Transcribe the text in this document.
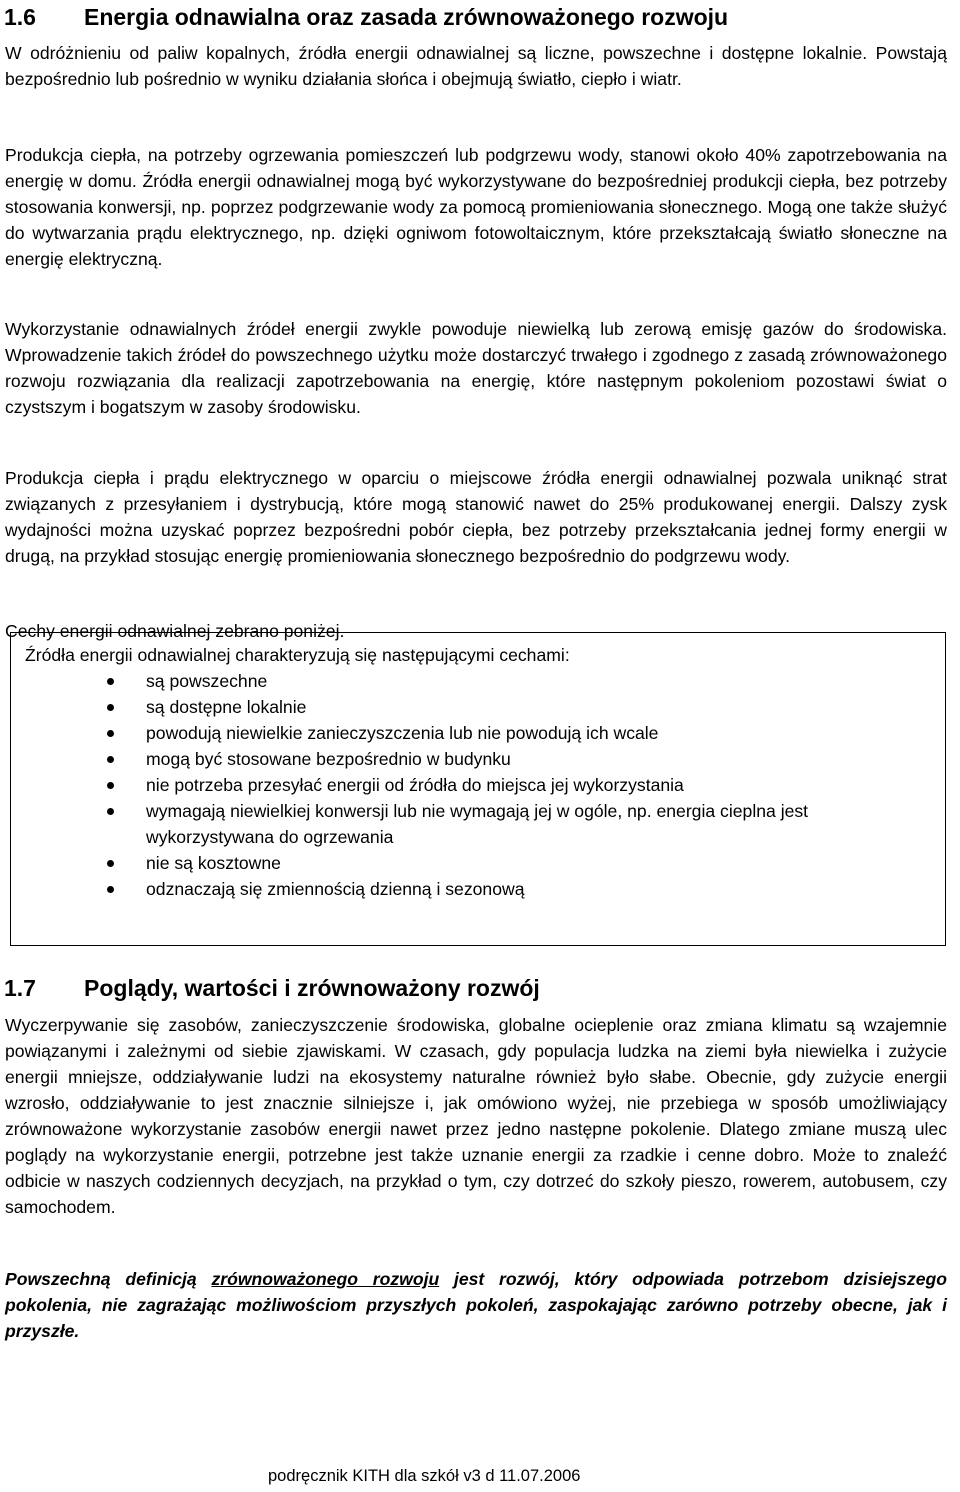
1.6 Energia odnawialna oraz zasada zrównoważonego rozwoju

W odróżnieniu od paliw kopalnych, źródła energii odnawialnej są liczne, powszechne i dostępne lokalnie. Powstają bezpośrednio lub pośrednio w wyniku działania słońca i obejmują światło, ciepło i wiatr.

Produkcja ciepła, na potrzeby ogrzewania pomieszczeń lub podgrzewu wody, stanowi około 40% zapotrzebowania na energię w domu. Źródła energii odnawialnej mogą być wykorzystywane do bezpośredniej produkcji ciepła, bez potrzeby stosowania konwersji, np. poprzez podgrzewanie wody za pomocą promieniowania słonecznego. Mogą one także służyć do wytwarzania prądu elektrycznego, np. dzięki ogniwom fotowoltaicznym, które przekształcają światło słoneczne na energię elektryczną.

Wykorzystanie odnawialnych źródeł energii zwykle powoduje niewielką lub zerową emisję gazów do środowiska. Wprowadzenie takich źródeł do powszechnego użytku może dostarczyć trwałego i zgodnego z zasadą zrównoważonego rozwoju rozwiązania dla realizacji zapotrzebowania na energię, które następnym pokoleniom pozostawi świat o czystszym i bogatszym w zasoby środowisku.

Produkcja ciepła i prądu elektrycznego w oparciu o miejscowe źródła energii odnawialnej pozwala uniknąć strat związanych z przesyłaniem i dystrybucją, które mogą stanowić nawet do 25% produkowanej energii. Dalszy zysk wydajności można uzyskać poprzez bezpośredni pobór ciepła, bez potrzeby przekształcania jednej formy energii w drugą, na przykład stosując energię promieniowania słonecznego bezpośrednio do podgrzewu wody.

Cechy energii odnawialnej zebrano poniżej.

Źródła energii odnawialnej charakteryzują się następującymi cechami:

są powszechne
są dostępne lokalnie
powodują niewielkie zanieczyszczenia lub nie powodują ich wcale
mogą być stosowane bezpośrednio w budynku
nie potrzeba przesyłać energii od źródła do miejsca jej wykorzystania
wymagają niewielkiej konwersji lub nie wymagają jej w ogóle, np. energia cieplna jest wykorzystywana do ogrzewania
nie są kosztowne
odznaczają się zmiennością dzienną i sezonową
1.7 Poglądy, wartości i zrównoważony rozwój

Wyczerpywanie się zasobów, zanieczyszczenie środowiska, globalne ocieplenie oraz zmiana klimatu są wzajemnie powiązanymi i zależnymi od siebie zjawiskami. W czasach, gdy populacja ludzka na ziemi była niewielka i zużycie energii mniejsze, oddziaływanie ludzi na ekosystemy naturalne również było słabe. Obecnie, gdy zużycie energii wzrosło, oddziaływanie to jest znacznie silniejsze i, jak omówiono wyżej, nie przebiega w sposób umożliwiający zrównoważone wykorzystanie zasobów energii nawet przez jedno następne pokolenie. Dlatego zmiane muszą ulec poglądy na wykorzystanie energii, potrzebne jest także uznanie energii za rzadkie i cenne dobro. Może to znaleźć odbicie w naszych codziennych decyzjach, na przykład o tym, czy dotrzeć do szkoły pieszo, rowerem, autobusem, czy samochodem.

Powszechną definicją zrównoważonego rozwoju jest rozwój, który odpowiada potrzebom dzisiejszego pokolenia, nie zagrażając możliwościom przyszłych pokoleń, zaspokajając zarówno potrzeby obecne, jak i przyszłe.

podręcznik KITH dla szkół v3 d 11.07.2006
